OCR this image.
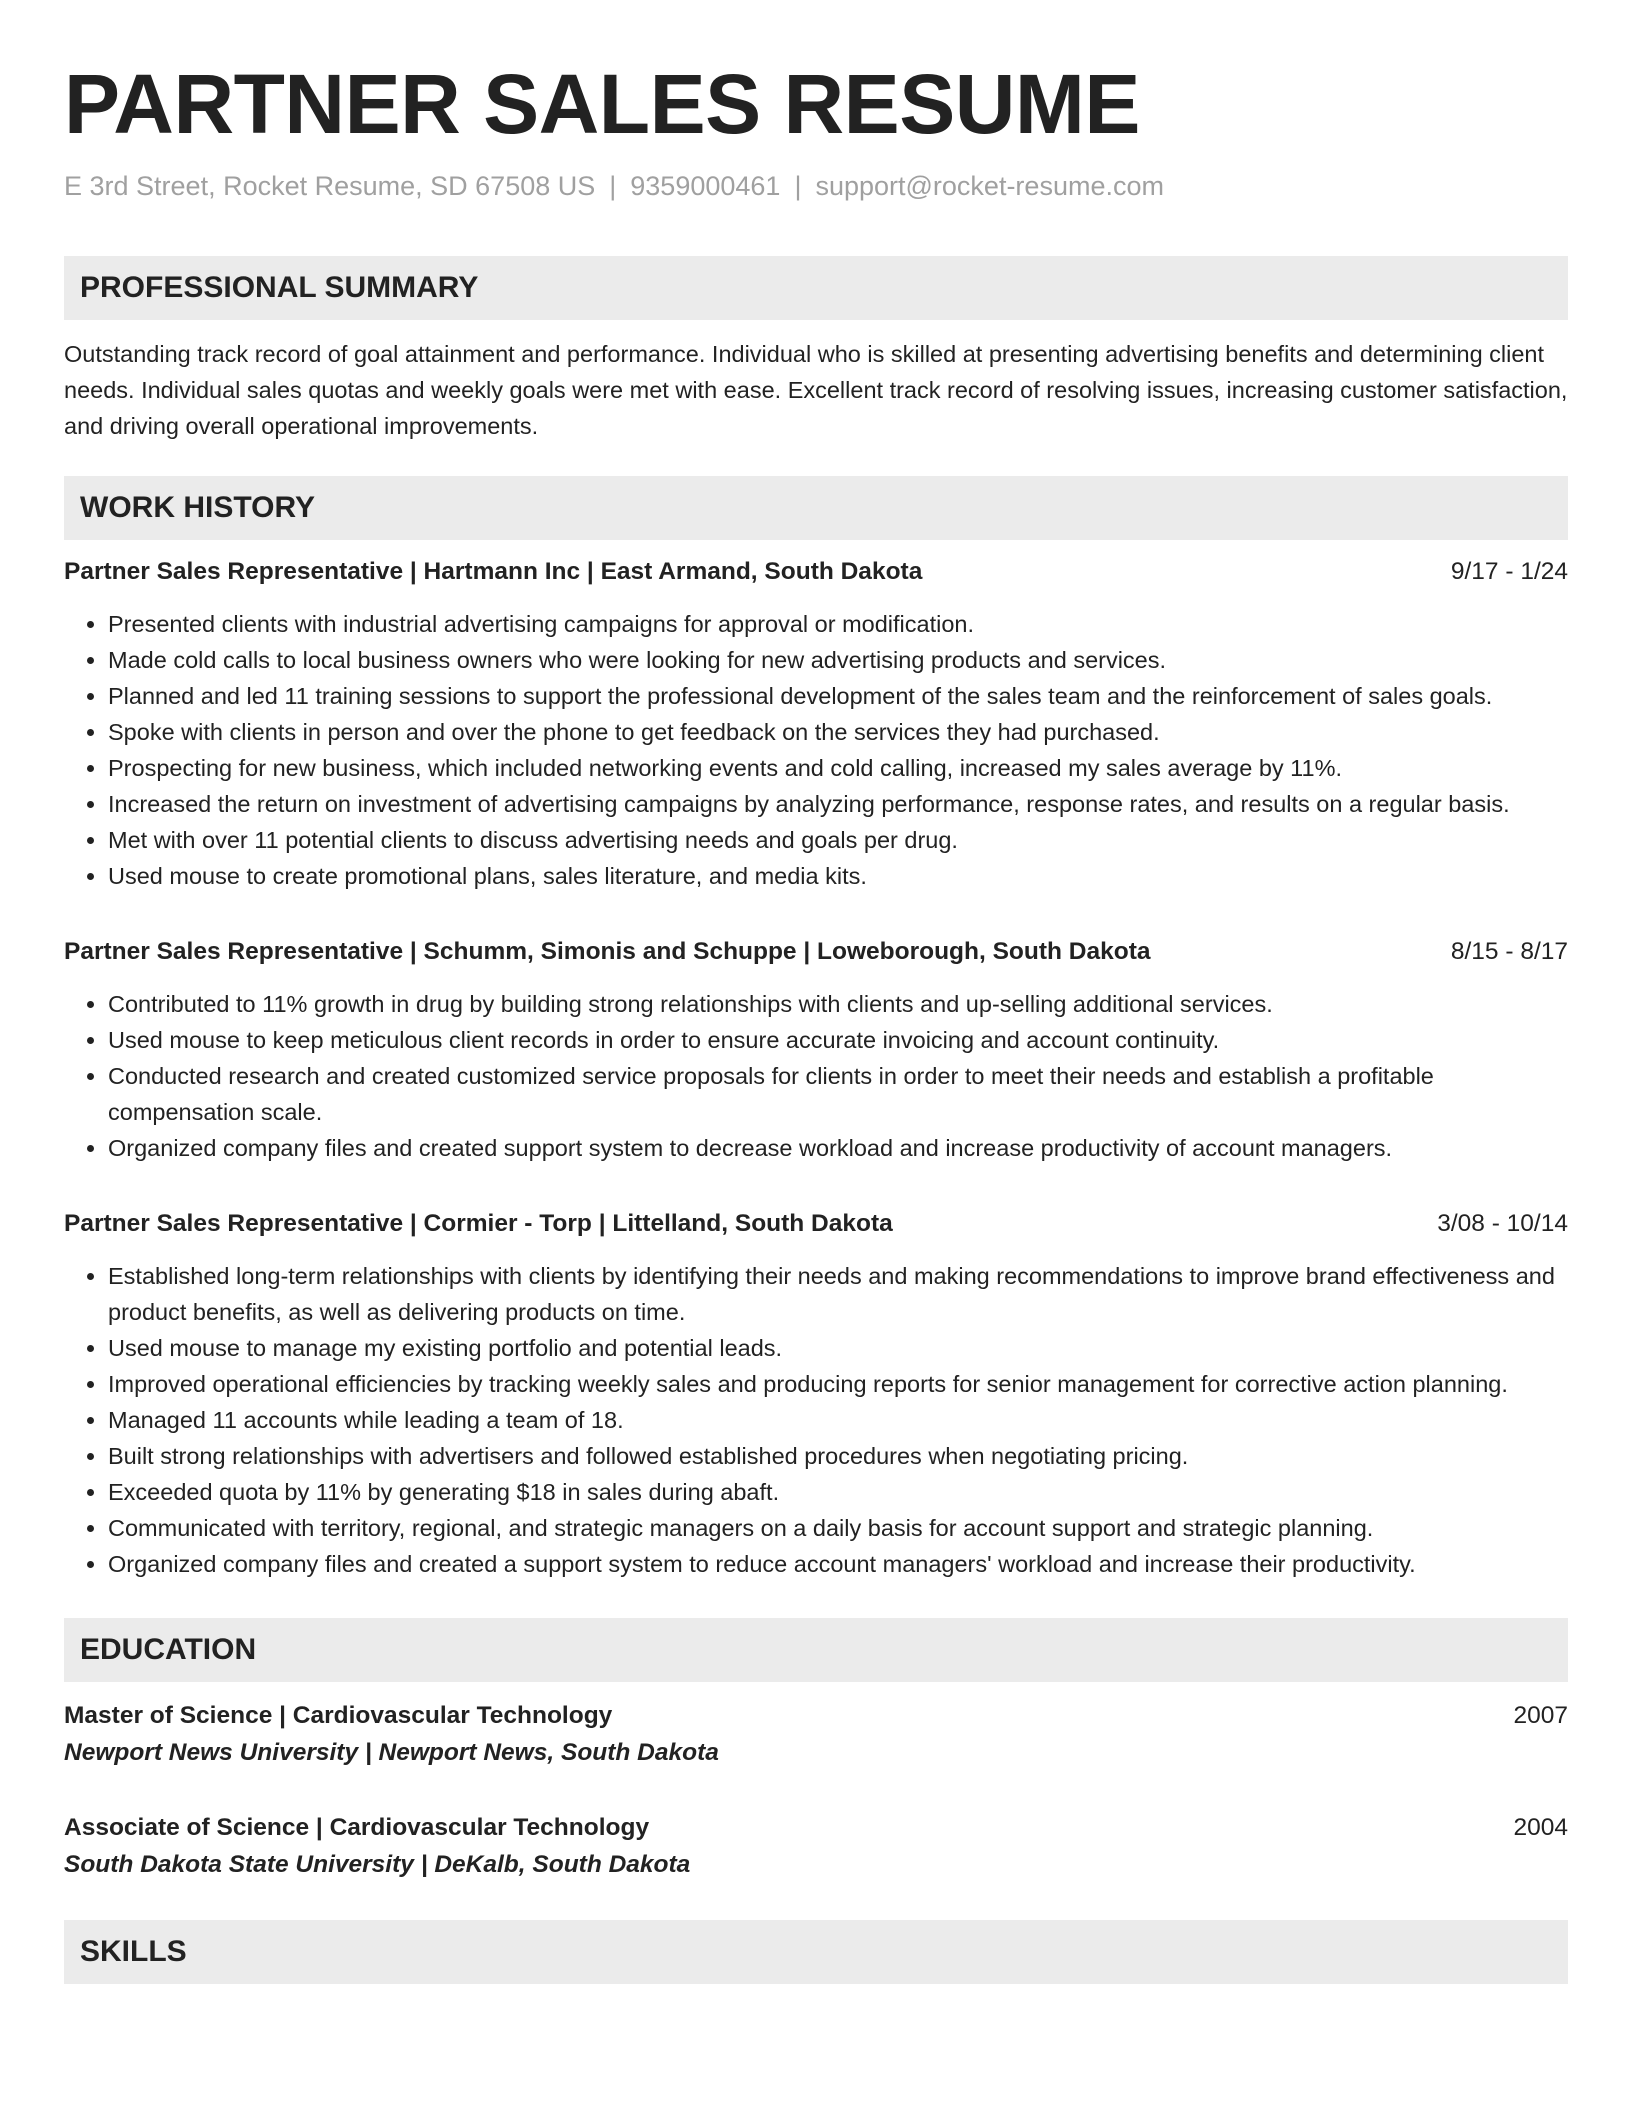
PARTNER SALES RESUME
E 3rd Street, Rocket Resume, SD 67508 US | 9359000461 | support@rocket-resume.com
PROFESSIONAL SUMMARY
Outstanding track record of goal attainment and performance. Individual who is skilled at presenting advertising benefits and determining client needs. Individual sales quotas and weekly goals were met with ease. Excellent track record of resolving issues, increasing customer satisfaction, and driving overall operational improvements.
WORK HISTORY
Partner Sales Representative | Hartmann Inc | East Armand, South Dakota	9/17 - 1/24
• Presented clients with industrial advertising campaigns for approval or modification.
• Made cold calls to local business owners who were looking for new advertising products and services.
• Planned and led 11 training sessions to support the professional development of the sales team and the reinforcement of sales goals.
• Spoke with clients in person and over the phone to get feedback on the services they had purchased.
• Prospecting for new business, which included networking events and cold calling, increased my sales average by 11%.
• Increased the return on investment of advertising campaigns by analyzing performance, response rates, and results on a regular basis.
• Met with over 11 potential clients to discuss advertising needs and goals per drug.
• Used mouse to create promotional plans, sales literature, and media kits.
Partner Sales Representative | Schumm, Simonis and Schuppe | Loweborough, South Dakota	8/15 - 8/17
• Contributed to 11% growth in drug by building strong relationships with clients and up-selling additional services.
• Used mouse to keep meticulous client records in order to ensure accurate invoicing and account continuity.
• Conducted research and created customized service proposals for clients in order to meet their needs and establish a profitable compensation scale.
• Organized company files and created support system to decrease workload and increase productivity of account managers.
Partner Sales Representative | Cormier - Torp | Littelland, South Dakota	3/08 - 10/14
• Established long-term relationships with clients by identifying their needs and making recommendations to improve brand effectiveness and product benefits, as well as delivering products on time.
• Used mouse to manage my existing portfolio and potential leads.
• Improved operational efficiencies by tracking weekly sales and producing reports for senior management for corrective action planning.
• Managed 11 accounts while leading a team of 18.
• Built strong relationships with advertisers and followed established procedures when negotiating pricing.
• Exceeded quota by 11% by generating $18 in sales during abaft.
• Communicated with territory, regional, and strategic managers on a daily basis for account support and strategic planning.
• Organized company files and created a support system to reduce account managers' workload and increase their productivity.
EDUCATION
Master of Science | Cardiovascular Technology	2007
Newport News University | Newport News, South Dakota
Associate of Science | Cardiovascular Technology	2004
South Dakota State University | DeKalb, South Dakota
SKILLS
